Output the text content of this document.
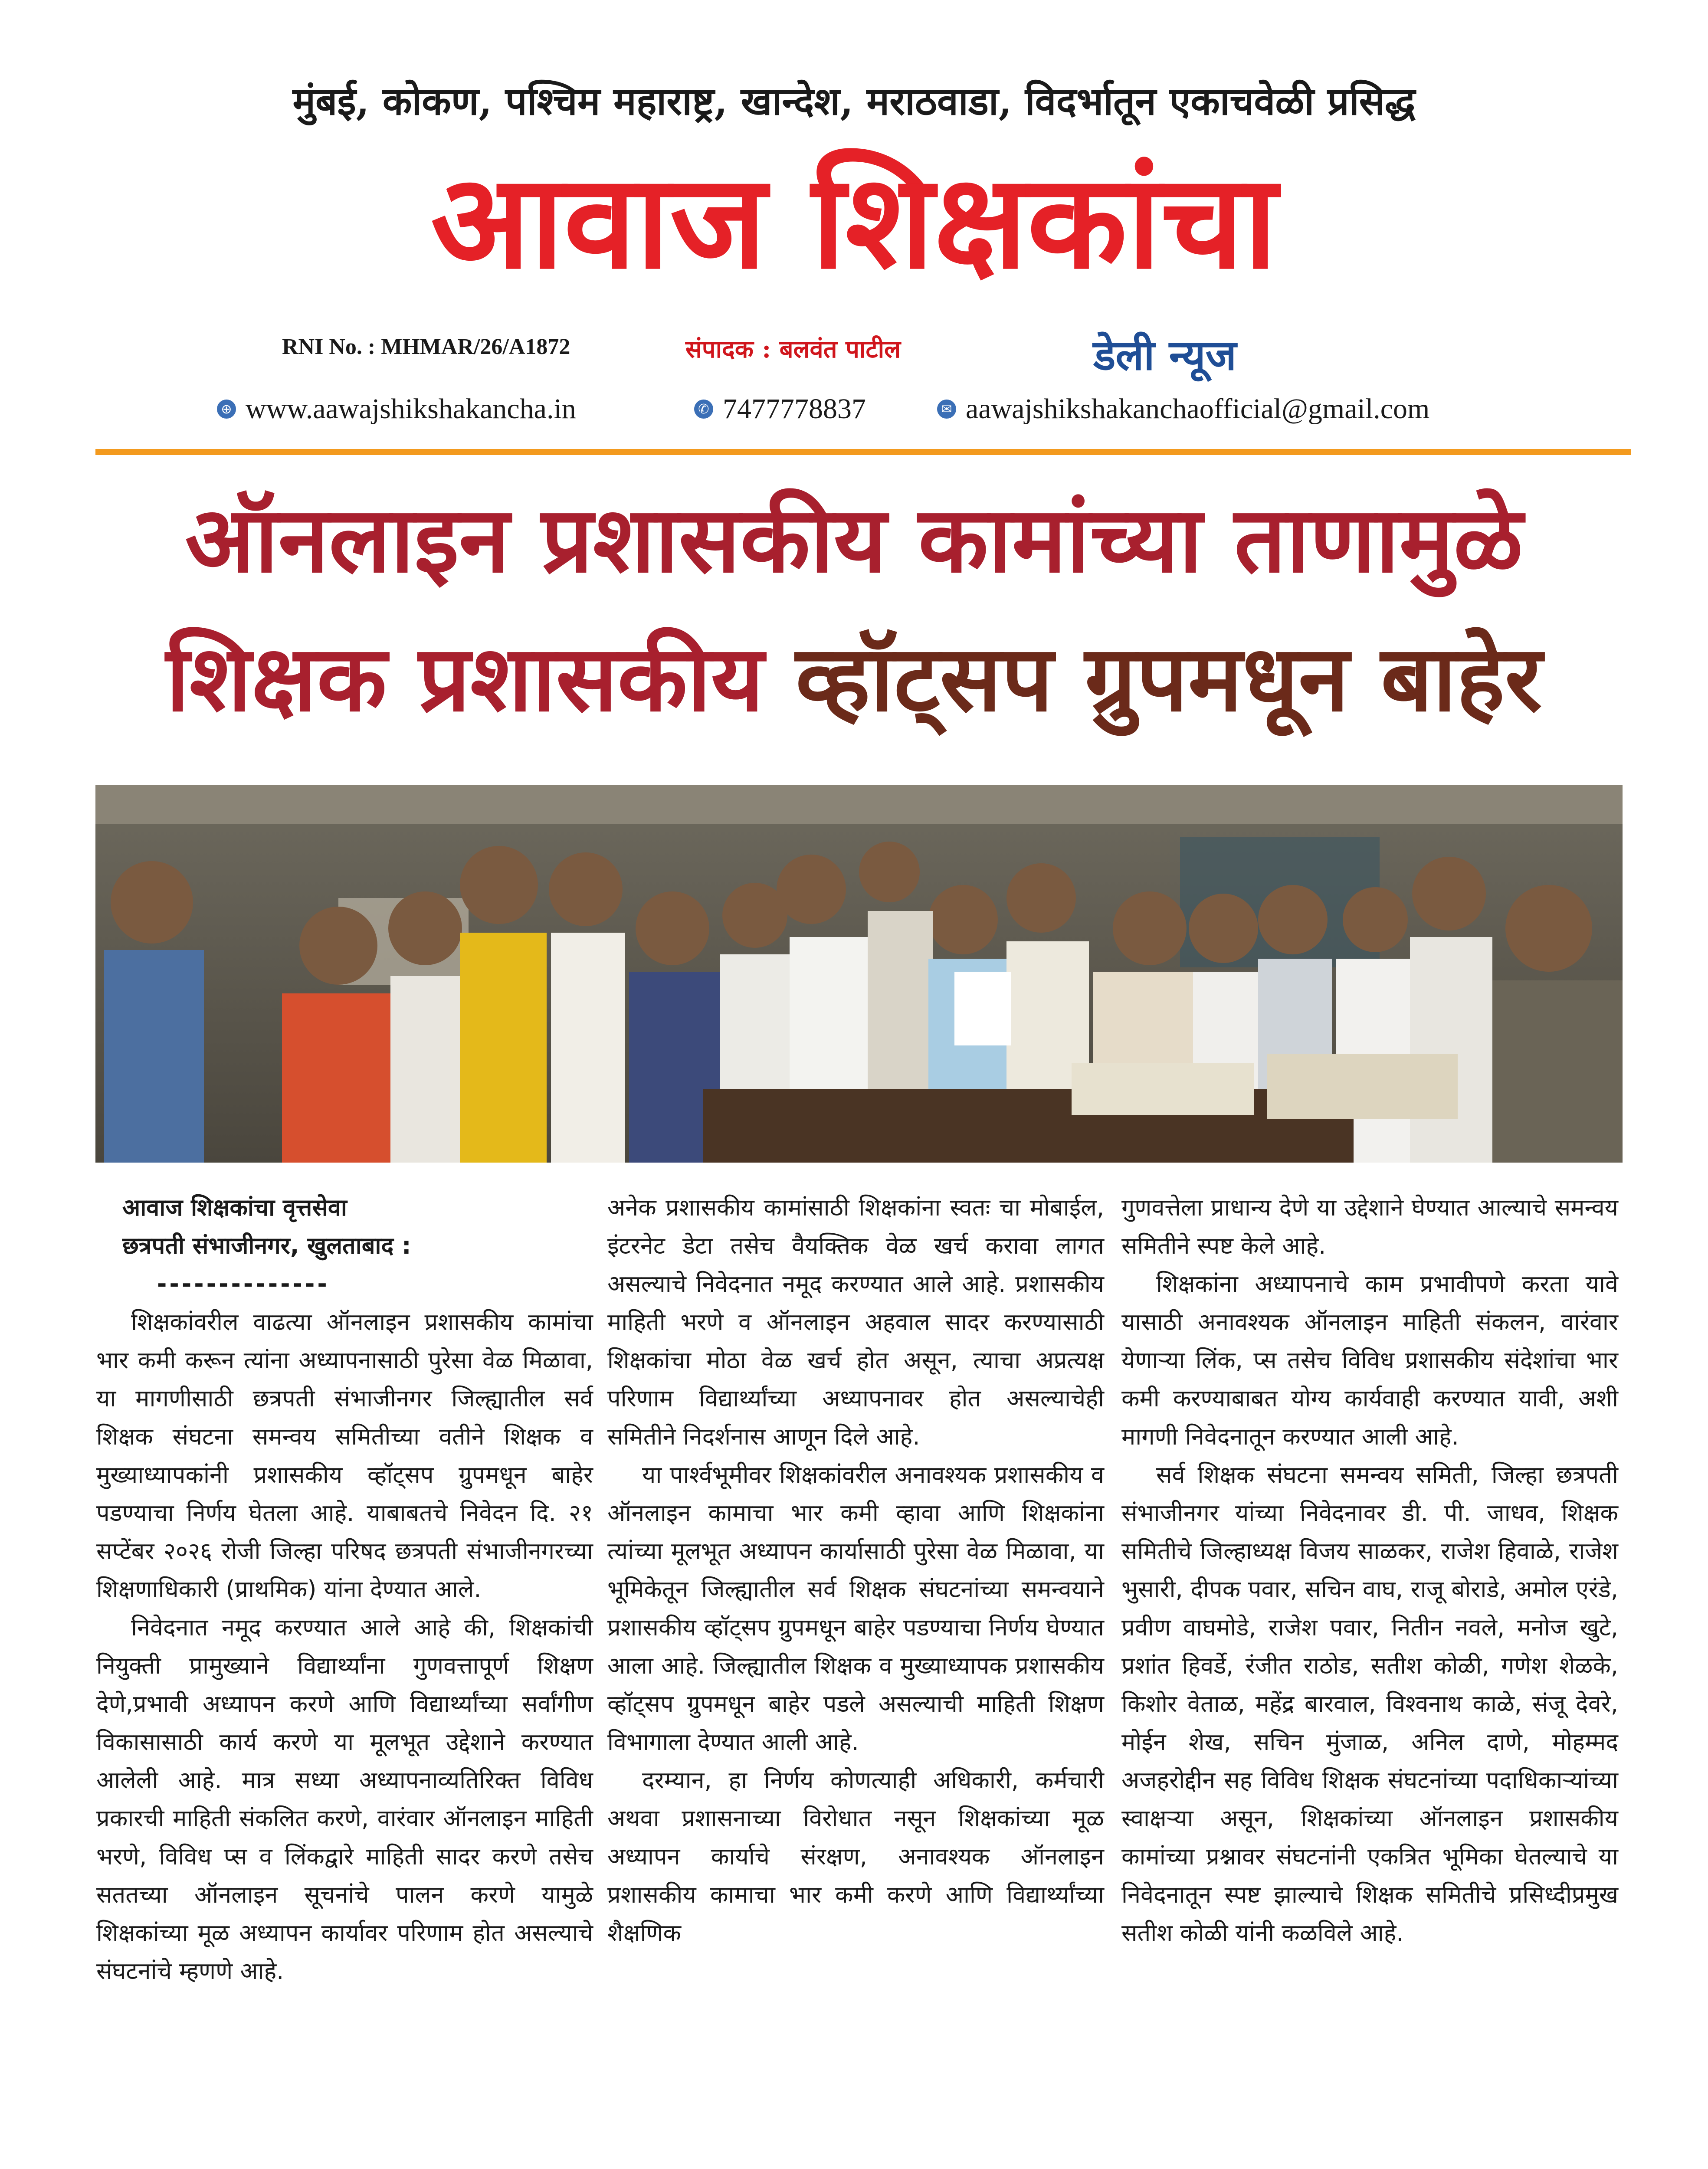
मुंबई, कोकण, पश्चिम महाराष्ट्र, खान्देश, मराठवाडा, विदर्भातून एकाचवेळी प्रसिद्ध
आवाज शिक्षकांचा
RNI No. : MHMAR/26/A1872	संपादक : बलवंत पाटील	डेली न्यूज
⊕ www.aawajshikshakancha.in	✆ 7477778837	✉ aawajshikshakanchaofficial@gmail.com
ऑनलाइन प्रशासकीय कामांच्या ताणामुळे
शिक्षक प्रशासकीय व्हॉट्सप ग्रुपमधून बाहेर

आवाज शिक्षकांचा वृत्तसेवा

छत्रपती संभाजीनगर, खुलताबाद :

--------------

शिक्षकांवरील वाढत्या ऑनलाइन प्रशासकीय कामांचा भार कमी करून त्यांना अध्यापनासाठी पुरेसा वेळ मिळावा, या मागणीसाठी छत्रपती संभाजीनगर जिल्ह्यातील सर्व शिक्षक संघटना समन्वय समितीच्या वतीने शिक्षक व मुख्याध्यापकांनी प्रशासकीय व्हॉट्सप ग्रुपमधून बाहेर पडण्याचा निर्णय घेतला आहे. याबाबतचे निवेदन दि. २१ सप्टेंबर २०२६ रोजी जिल्हा परिषद छत्रपती संभाजीनगरच्या शिक्षणाधिकारी (प्राथमिक) यांना देण्यात आले.

निवेदनात नमूद करण्यात आले आहे की, शिक्षकांची नियुक्ती प्रामुख्याने विद्यार्थ्यांना गुणवत्तापूर्ण शिक्षण देणे,प्रभावी अध्यापन करणे आणि विद्यार्थ्यांच्या सर्वांगीण विकासासाठी कार्य करणे या मूलभूत उद्देशाने करण्यात आलेली आहे. मात्र सध्या अध्यापनाव्यतिरिक्त विविध प्रकारची माहिती संकलित करणे, वारंवार ऑनलाइन माहिती भरणे, विविध प्स व लिंकद्वारे माहिती सादर करणे तसेच सततच्या ऑनलाइन सूचनांचे पालन करणे यामुळे शिक्षकांच्या मूळ अध्यापन कार्यावर परिणाम होत असल्याचे संघटनांचे म्हणणे आहे.

अनेक प्रशासकीय कामांसाठी शिक्षकांना स्वतः चा मोबाईल, इंटरनेट डेटा तसेच वैयक्तिक वेळ खर्च करावा लागत असल्याचे निवेदनात नमूद करण्यात आले आहे. प्रशासकीय माहिती भरणे व ऑनलाइन अहवाल सादर करण्यासाठी शिक्षकांचा मोठा वेळ खर्च होत असून, त्याचा अप्रत्यक्ष परिणाम विद्यार्थ्यांच्या अध्यापनावर होत असल्याचेही समितीने निदर्शनास आणून दिले आहे.

या पार्श्वभूमीवर शिक्षकांवरील अनावश्यक प्रशासकीय व ऑनलाइन कामाचा भार कमी व्हावा आणि शिक्षकांना त्यांच्या मूलभूत अध्यापन कार्यासाठी पुरेसा वेळ मिळावा, या भूमिकेतून जिल्ह्यातील सर्व शिक्षक संघटनांच्या समन्वयाने प्रशासकीय व्हॉट्सप ग्रुपमधून बाहेर पडण्याचा निर्णय घेण्यात आला आहे. जिल्ह्यातील शिक्षक व मुख्याध्यापक प्रशासकीय व्हॉट्सप ग्रुपमधून बाहेर पडले असल्याची माहिती शिक्षण विभागाला देण्यात आली आहे.

दरम्यान, हा निर्णय कोणत्याही अधिकारी, कर्मचारी अथवा प्रशासनाच्या विरोधात नसून शिक्षकांच्या मूळ अध्यापन कार्याचे संरक्षण, अनावश्यक ऑनलाइन प्रशासकीय कामाचा भार कमी करणे आणि विद्यार्थ्यांच्या शैक्षणिक

गुणवत्तेला प्राधान्य देणे या उद्देशाने घेण्यात आल्याचे समन्वय समितीने स्पष्ट केले आहे.

शिक्षकांना अध्यापनाचे काम प्रभावीपणे करता यावे यासाठी अनावश्यक ऑनलाइन माहिती संकलन, वारंवार येणाऱ्या लिंक, प्स तसेच विविध प्रशासकीय संदेशांचा भार कमी करण्याबाबत योग्य कार्यवाही करण्यात यावी, अशी मागणी निवेदनातून करण्यात आली आहे.

सर्व शिक्षक संघटना समन्वय समिती, जिल्हा छत्रपती संभाजीनगर यांच्या निवेदनावर डी. पी. जाधव, शिक्षक समितीचे जिल्हाध्यक्ष विजय साळकर, राजेश हिवाळे, राजेश भुसारी, दीपक पवार, सचिन वाघ, राजू बोराडे, अमोल एरंडे, प्रवीण वाघमोडे, राजेश पवार, नितीन नवले, मनोज खुटे, प्रशांत हिवर्डे, रंजीत राठोड, सतीश कोळी, गणेश शेळके, किशोर वेताळ, महेंद्र बारवाल, विश्वनाथ काळे, संजू देवरे, मोईन शेख, सचिन मुंजाळ, अनिल दाणे, मोहम्मद अजहरोद्दीन सह विविध शिक्षक संघटनांच्या पदाधिकाऱ्यांच्या स्वाक्षऱ्या असून, शिक्षकांच्या ऑनलाइन प्रशासकीय कामांच्या प्रश्नावर संघटनांनी एकत्रित भूमिका घेतल्याचे या निवेदनातून स्पष्ट झाल्याचे शिक्षक समितीचे प्रसिध्दीप्रमुख सतीश कोळी यांनी कळविले आहे.
